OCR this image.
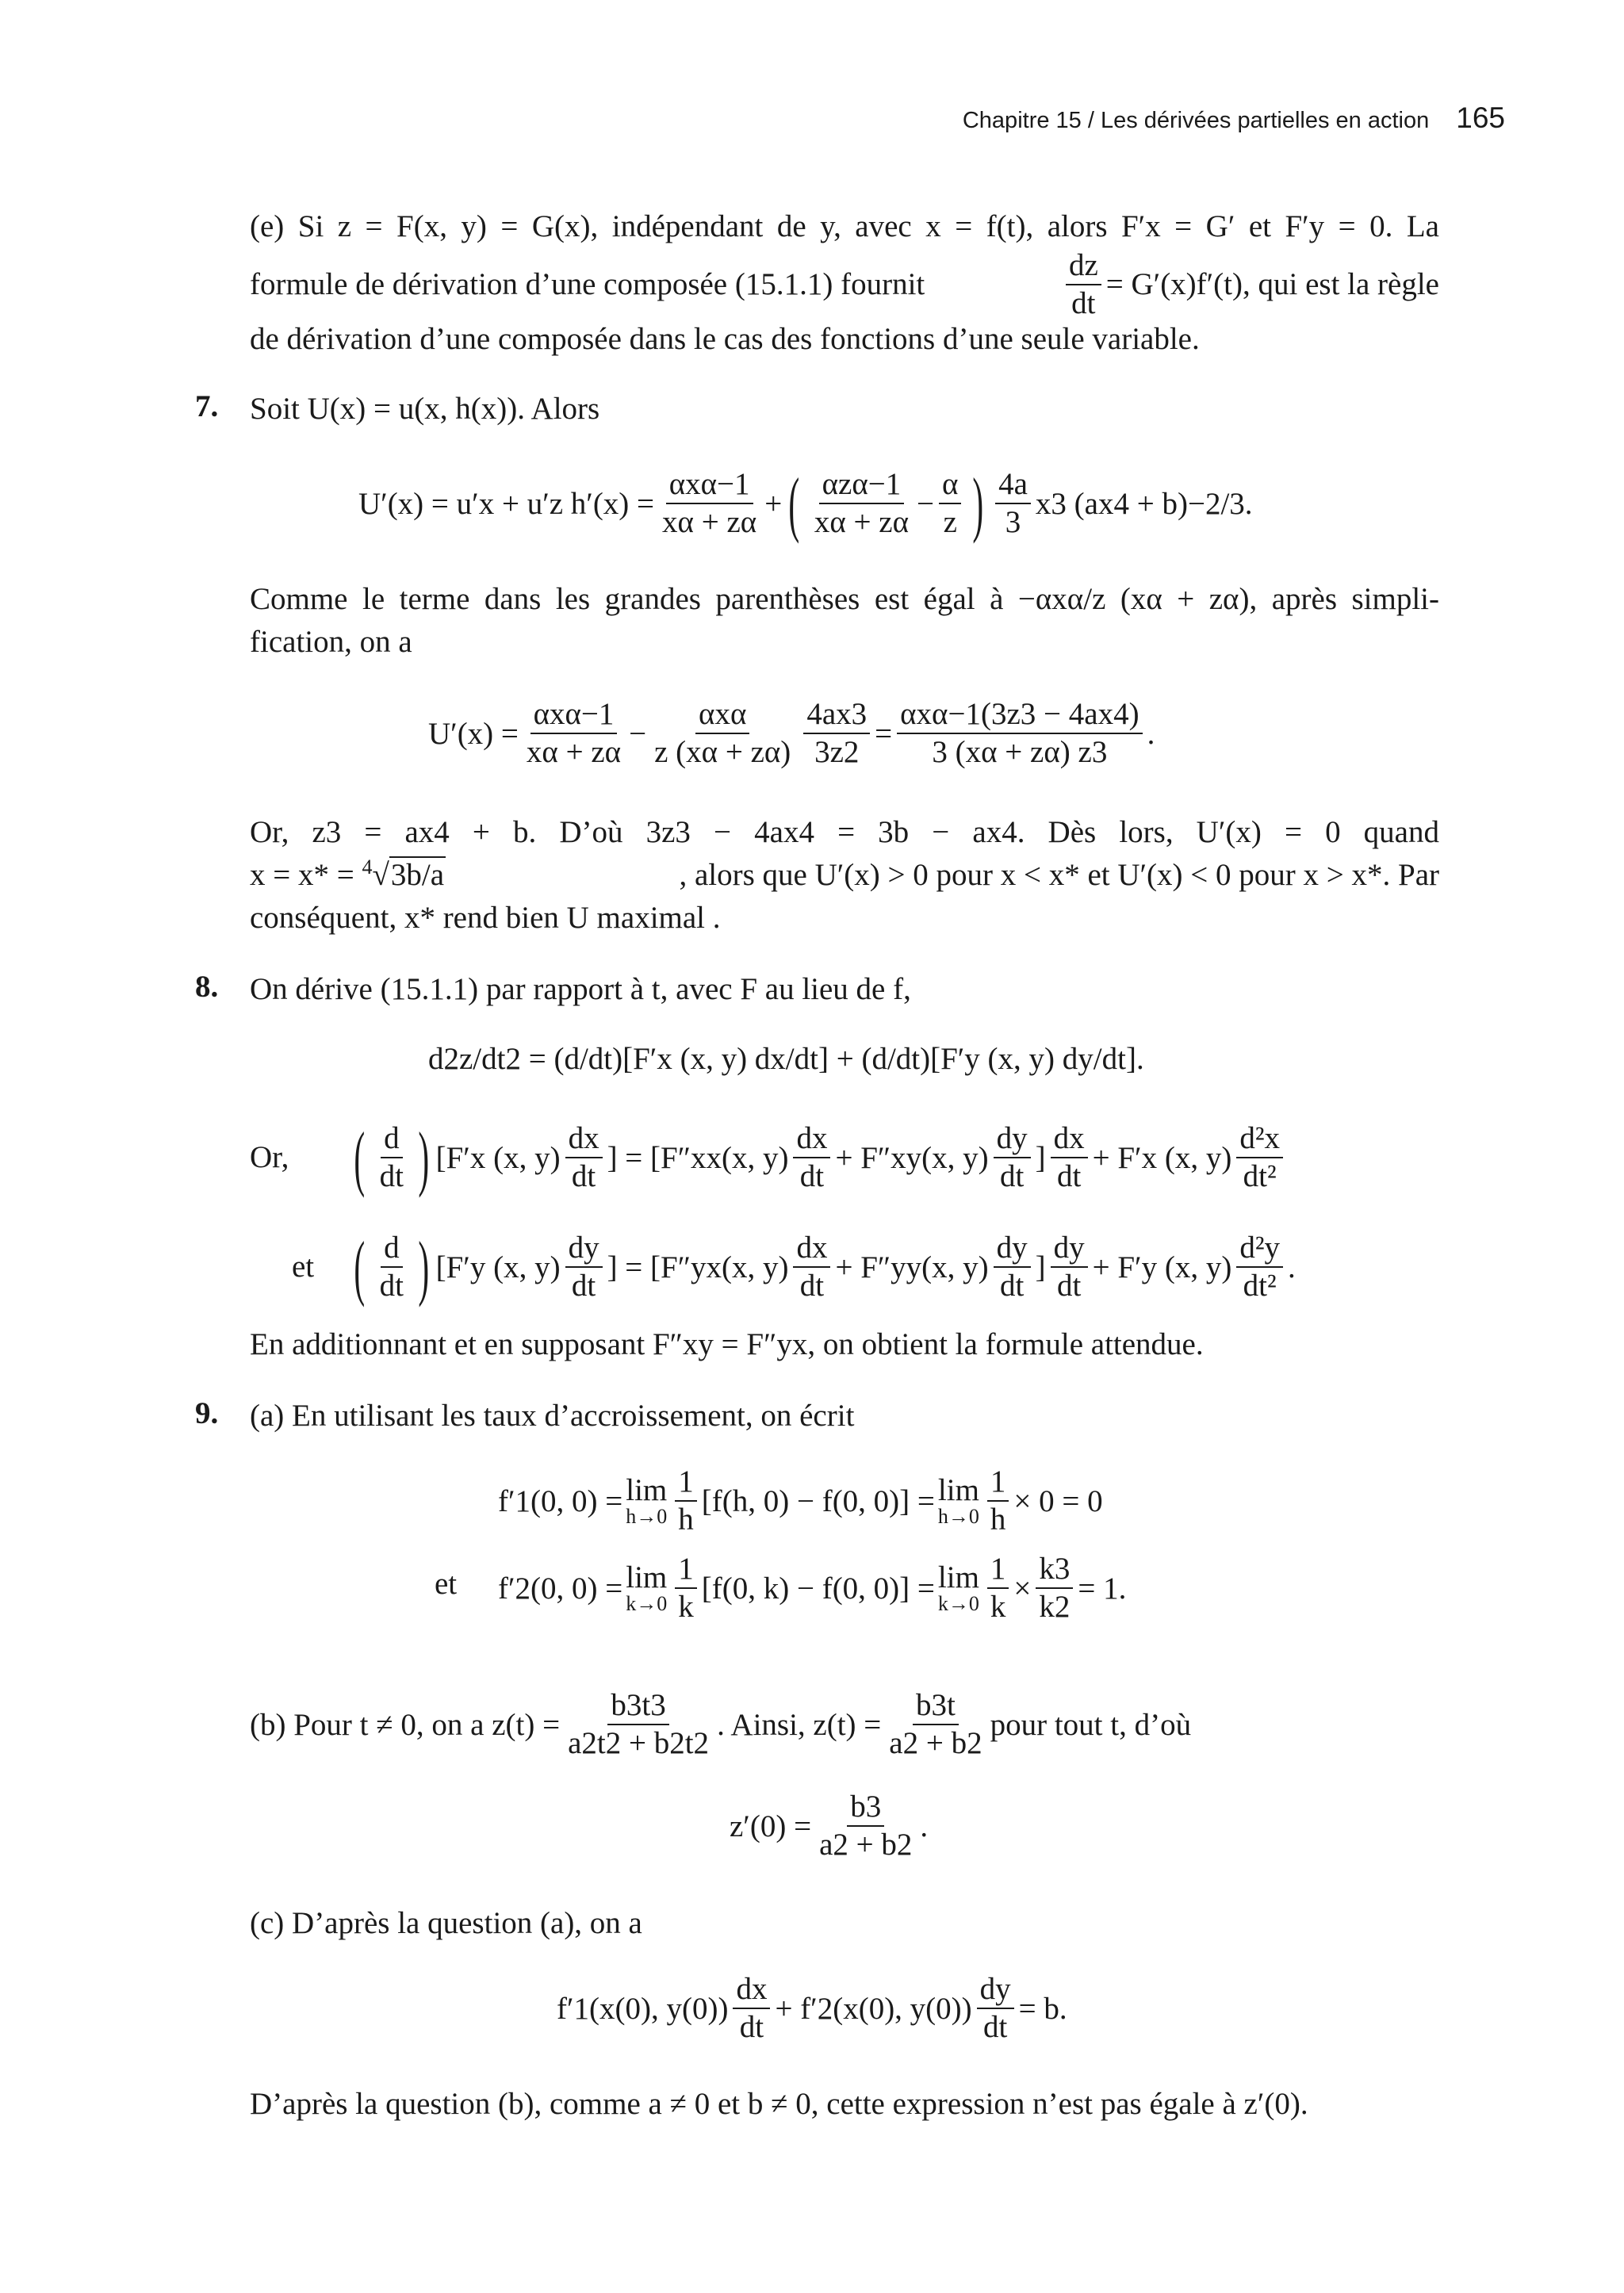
Chapitre 15 / Les dérivées partielles en action 165
(e) Si z = F(x, y) = G(x), indépendant de y, avec x = f(t), alors F′x = G′ et F′y = 0. La
formule de dérivation d’une composée (15.1.1) fournit	$\frac{dz}{dt} = G'(x)f'(t)$, qui est la règle
de dérivation d’une composée dans le cas des fonctions d’une seule variable.
7. Soit U(x) = u(x, h(x)). Alors
U′(x) = u′x + u′z h′(x) =
αxα−1
xα + zα
+ ( αzα−1
xα + zα
− $\frac{\alpha}{z}$ ) $\frac{4a}{3} x3$ (ax4 + b)−2/3.
Comme le terme dans les grandes parenthèses est égal à −αxα/z (xα + zα), après simpli-
fication, on a
U′(x) =
αxα−1
xα + zα
−
αxα
z $(x\alpha + z\alpha) \frac{4ax3}{3z2}$ =
αxα−1(3z3 − 4ax4)
3 (xα + zα) z3
.
Or, z3 = ax4 + b. D’où 3z3 − 4ax4 = 3b − ax4. Dès lors, U′(x) = 0 quand
x = x* = $^4$√3b/a	, alors que U′(x) > 0 pour x < x* et U′(x) < 0 pour x > x*. Par
conséquent, x* rend bien U maximal .
8. On dérive (15.1.1) par rapport à t, avec F au lieu de f,
d2z/dt2 = (d/dt)[F′x (x, y) dx/dt] + (d/dt)[F′y (x, y) dy/dt].
Or, ( $\frac{d}{dt}$ ) [F′x (x, $y) \frac{dx}{dt}$ ] = [F″xx(x, $y) \frac{dx}{dt} + F''xy(x$, $y) \frac{dy}{dt}$ ] $\frac{dx}{dt} + F'x$ (x, $y) \frac{\text{d²x}}{\text{dt²}}$
et ( $\frac{d}{dt}$ ) [F′y (x, $y) \frac{dy}{dt}$ ] = [F″yx(x, $y) \frac{dx}{dt} + F''yy(x$, $y) \frac{dy}{dt}$ ] $\frac{dy}{dt} + F'y$ (x, $y) \frac{\text{d²y}}{\text{dt²}}$ .
En additionnant et en supposant F″xy = F″yx, on obtient la formule attendue.
9. (a) En utilisant les taux d’accroissement, on écrit
f′1(0, 0) = lim
$h\to 0 \frac{1}{h} [f(h$, 0) − f(0, 0)] = lim
$h\to 0 \frac{1}{h} \times 0 = 0$
et f′2(0, 0) = lim
$k\to 0 \frac{1}{k} [f(0$, k) − f(0, 0)] = lim
$k\to 0 \frac{1}{k} \times \frac{k3}{k2} = 1$.
(b) Pour t ≠ 0, on a $z(t) = \frac{b3t3}{a2t2 + b2t2}$ . Ainsi, $z(t) = \frac{b3t}{a2 + b2}$ pour tout t, d’où
$z'(0) = \frac{b3}{a2 + b2}$ .
(c) D’après la question (a), on a
f′1(x(0), $y(0)) \frac{dx}{dt} + f'2(x(0)$, $y(0)) \frac{dy}{dt} = b$.
D’après la question (b), comme a ≠ 0 et b ≠ 0, cette expression n’est pas égale à z′(0).
